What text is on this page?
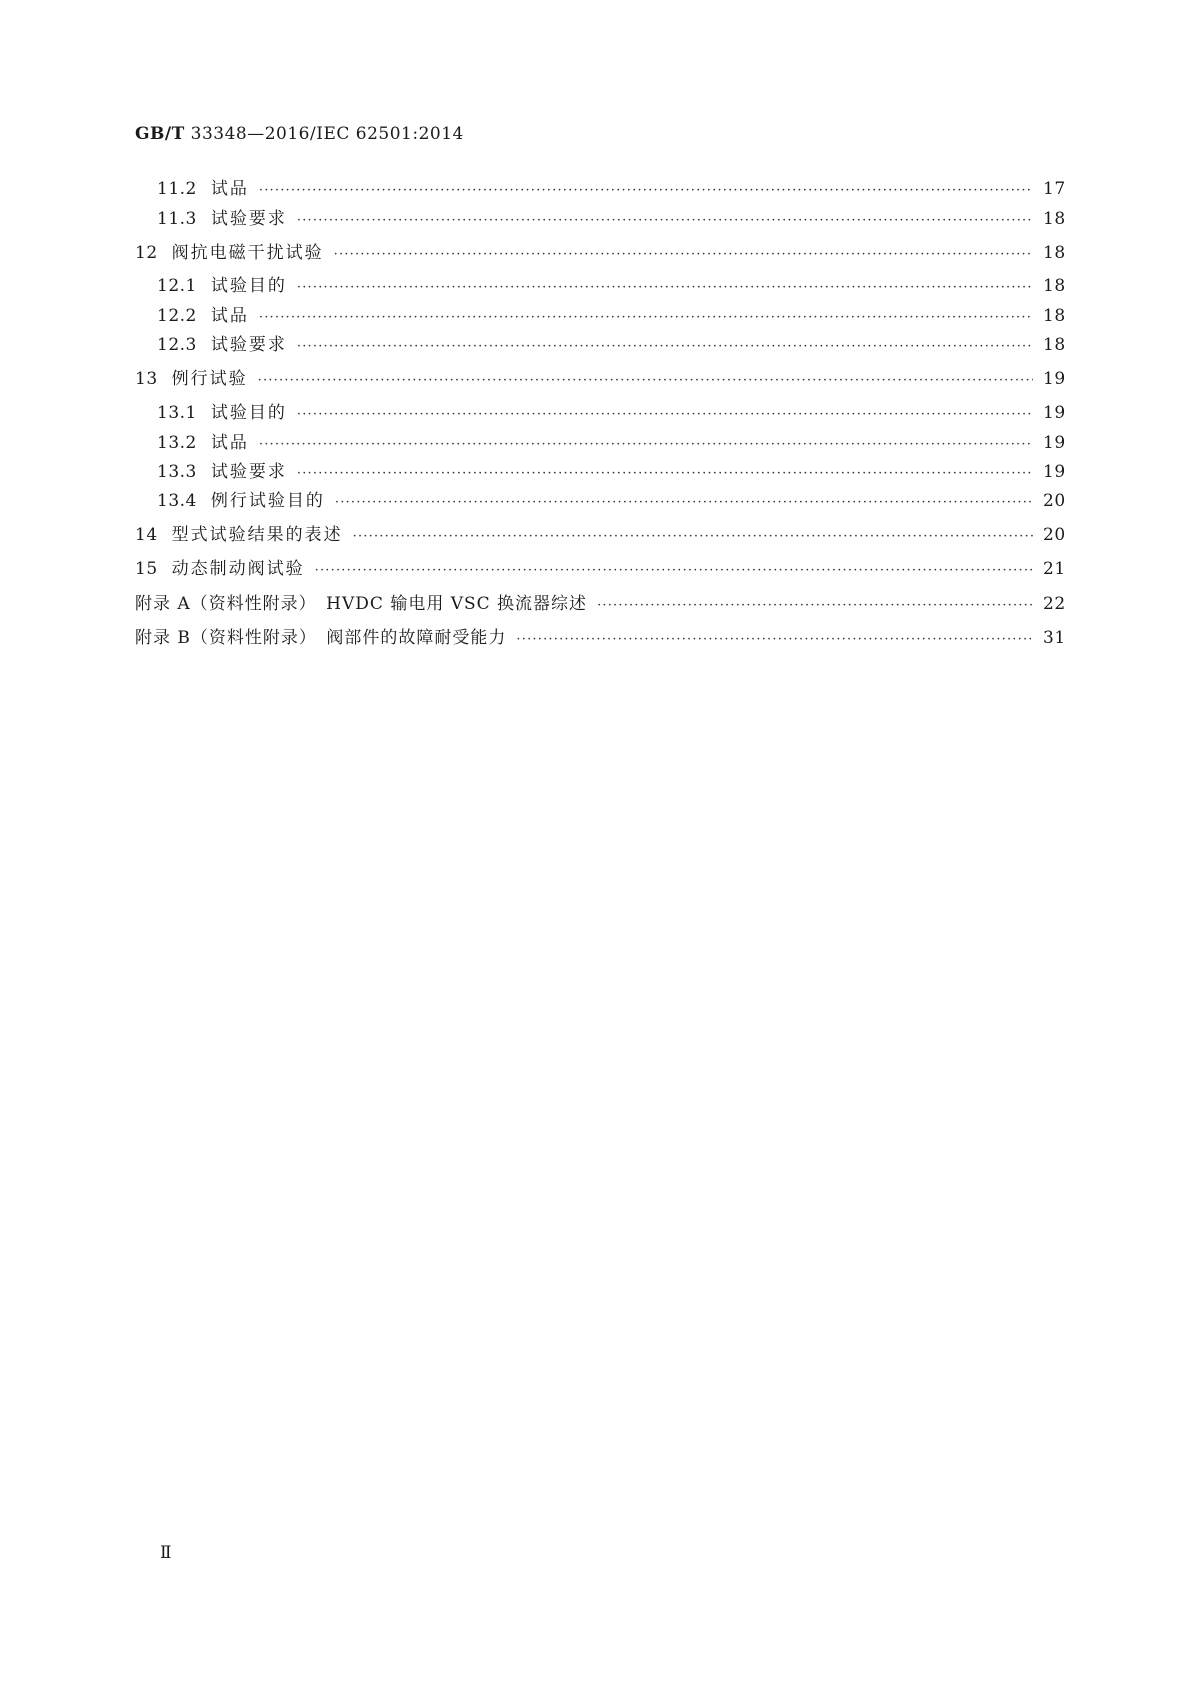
GB/T 33348—2016/IEC 62501:2014
11.2 试品 ·····	17
11.3 试验要求 ·····	18
12 阀抗电磁干扰试验 ·····	18
12.1 试验目的 ·····	18
12.2 试品 ·····	18
12.3 试验要求 ·····	18
13 例行试验 ·····	19
13.1 试验目的 ·····	19
13.2 试品 ·····	19
13.3 试验要求 ·····	19
13.4 例行试验目的 ·····	20
14 型式试验结果的表述 ·····	20
15 动态制动阀试验 ·····	21
附录 A（资料性附录）　HVDC 输电用 VSC 换流器综述 ·····	22
附录 B（资料性附录）　阀部件的故障耐受能力 ·····	31
Ⅱ
